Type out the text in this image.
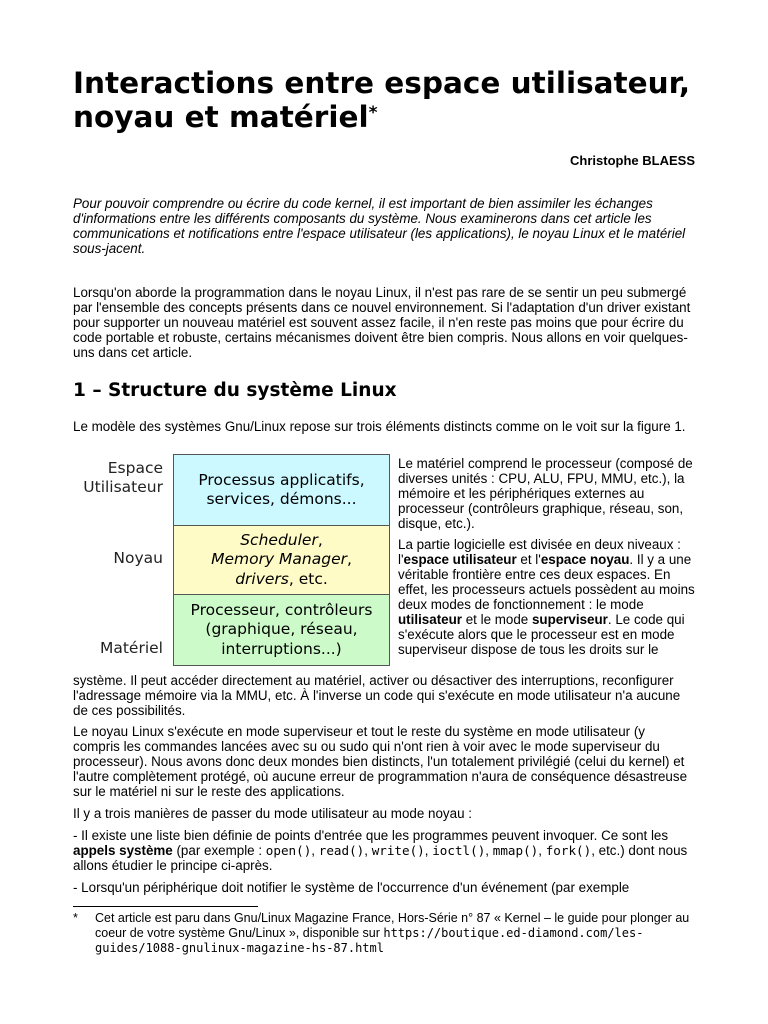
Interactions entre espace utilisateur, noyau et matériel*
Christophe BLAESS
Pour pouvoir comprendre ou écrire du code kernel, il est important de bien assimiler les échanges d'informations entre les différents composants du système. Nous examinerons dans cet article les communications et notifications entre l'espace utilisateur (les applications), le noyau Linux et le matériel sous-jacent.
Lorsqu'on aborde la programmation dans le noyau Linux, il n'est pas rare de se sentir un peu submergé par l'ensemble des concepts présents dans ce nouvel environnement. Si l'adaptation d'un driver existant pour supporter un nouveau matériel est souvent assez facile, il n'en reste pas moins que pour écrire du code portable et robuste, certains mécanismes doivent être bien compris. Nous allons en voir quelques-uns dans cet article.
1 – Structure du système Linux
Le modèle des systèmes Gnu/Linux repose sur trois éléments distincts comme on le voit sur la figure 1.
Espace
Utilisateur
Noyau
Matériel
Processus applicatifs,
services, démons...
Scheduler,
Memory Manager,
drivers, etc.
Processeur, contrôleurs
(graphique, réseau,
interruptions...)
Le matériel comprend le processeur (composé de diverses unités : CPU, ALU, FPU, MMU, etc.), la mémoire et les périphériques externes au processeur (contrôleurs graphique, réseau, son, disque, etc.).
La partie logicielle est divisée en deux niveaux : l'espace utilisateur et l'espace noyau. Il y a une véritable frontière entre ces deux espaces. En effet, les processeurs actuels possèdent au moins deux modes de fonctionnement : le mode utilisateur et le mode superviseur. Le code qui s'exécute alors que le processeur est en mode superviseur dispose de tous les droits sur le
système. Il peut accéder directement au matériel, activer ou désactiver des interruptions, reconfigurer l'adressage mémoire via la MMU, etc. À l'inverse un code qui s'exécute en mode utilisateur n'a aucune de ces possibilités.
Le noyau Linux s'exécute en mode superviseur et tout le reste du système en mode utilisateur (y compris les commandes lancées avec su ou sudo qui n'ont rien à voir avec le mode superviseur du processeur). Nous avons donc deux mondes bien distincts, l'un totalement privilégié (celui du kernel) et l'autre complètement protégé, où aucune erreur de programmation n'aura de conséquence désastreuse sur le matériel ni sur le reste des applications.
Il y a trois manières de passer du mode utilisateur au mode noyau :
- Il existe une liste bien définie de points d'entrée que les programmes peuvent invoquer. Ce sont les appels système (par exemple : open(), read(), write(), ioctl(), mmap(), fork(), etc.) dont nous allons étudier le principe ci-après.
- Lorsqu'un périphérique doit notifier le système de l'occurrence d'un événement (par exemple
* Cet article est paru dans Gnu/Linux Magazine France, Hors-Série n° 87 « Kernel – le guide pour plonger au coeur de votre système Gnu/Linux », disponible sur https://boutique.ed-diamond.com/les-guides/1088-gnulinux-magazine-hs-87.html
